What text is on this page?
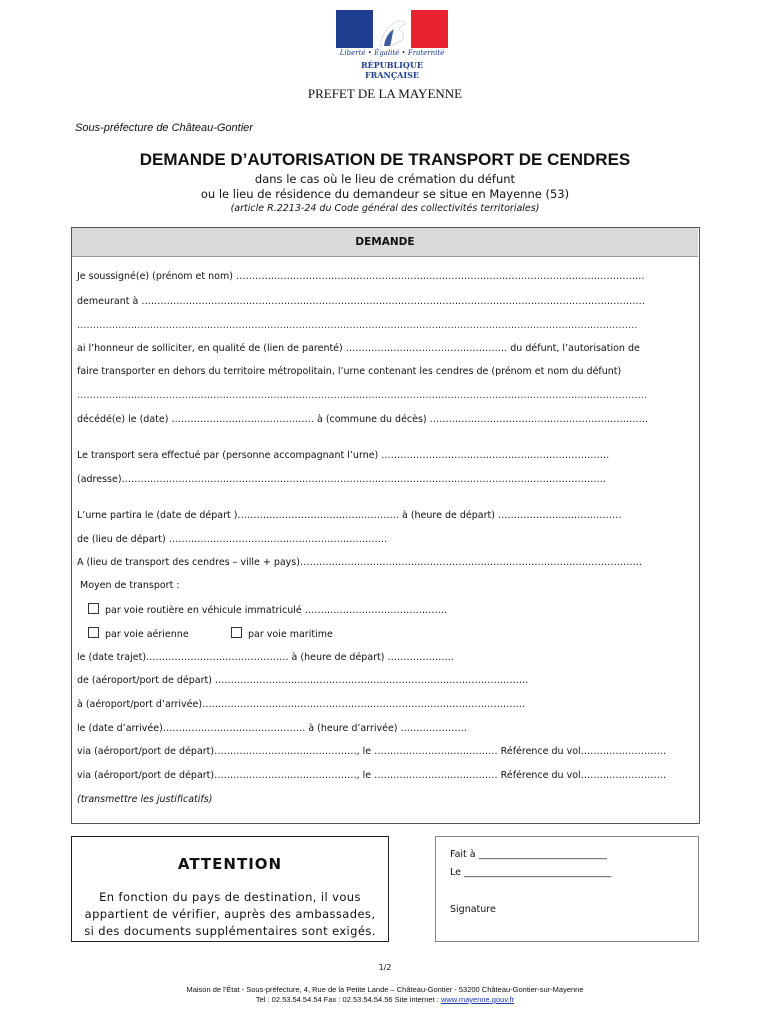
Liberté • Égalité • Fraternité
RÉPUBLIQUE FRANÇAISE
PREFET DE LA MAYENNE
Sous-préfecture de Château-Gontier
DEMANDE D’AUTORISATION DE TRANSPORT DE CENDRES
dans le cas où le lieu de crémation du défunt
ou le lieu de résidence du demandeur se situe en Mayenne (53)
(article R.2213-24 du Code général des collectivités territoriales)
DEMANDE
Je soussigné(e) (prénom et nom) …………………………………………………………………………………………………………………
demeurant à ……………………………………………………………………………………………………………………………………………
……………………………………………………………………………………………………………………………………………………………
ai l’honneur de solliciter, en qualité de (lien de parenté) …………………………………………… du défunt, l’autorisation de
faire transporter en dehors du territoire métropolitain, l’urne contenant les cendres de (prénom et nom du défunt)
………………………………………………………………………………………………………………………………………………………………
décédé(e) le (date) ……………………………………… à (commune du décès) ……………………………………………………………
Le transport sera effectué par (personne accompagnant l’urne) ………………………………………………………………
(adresse)………………………………………………………………………………………………………………………………………
L’urne partira le (date de départ )…………………………………………… à (heure de départ) …………………………………
de (lieu de départ) ……………………………………………………………
A (lieu de transport des cendres – ville + pays)………………………………………………………………………………………………
Moyen de transport :
par voie routière en véhicule immatriculé ………………………………………
par voie aérienne	par voie maritime
le (date trajet)……………………………………… à (heure de départ) …………………
de (aéroport/port de départ) ………………………………………………………………………………………
à (aéroport/port d’arrivée)…………………………………………………………………………………………
le (date d’arrivée)……………………………………… à (heure d’arrivée) …………………
via (aéroport/port de départ)………………………………………, le ………………………………… Référence du vol………………………
via (aéroport/port de départ)………………………………………, le ………………………………… Référence du vol………………………
(transmettre les justificatifs)
ATTENTION
En fonction du pays de destination, il vous
appartient de vérifier, auprès des ambassades,
si des documents supplémentaires sont exigés.
Fait à ___________________________
Le _______________________________
Signature
1/2
Maison de l'État - Sous-préfecture, 4, Rue de la Petite Lande – Château-Gontier - 53200 Château-Gontier-sur-Mayenne
Tel : 02.53.54.54.54 Fax : 02.53.54.54.56 Site internet : www.mayenne.gouv.fr
